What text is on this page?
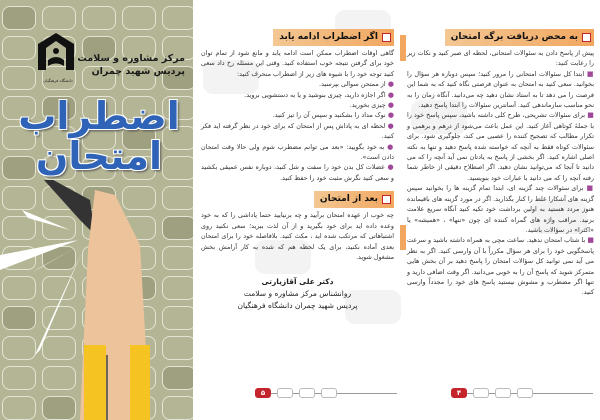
دانشگاه فرهنگیان
مرکز مشاوره و سلامت
پردیس شهید چمران
اضطراب
امتحان
اگر اضطراب ادامه یابد
گاهی اوقات اضطراب ممکن است ادامه یابد و مانع شود از تمام توان خود برای گرفتن نتیجه خوب استفاده کنید. وقتی این مسئله رخ داد سعی کنید توجه خود را با شیوه های زیر از اضطراب منحرف کنید:
● از ممتحن سوالی بپرسید.
● اگر اجازه دارید، چیزی بنوشید و یا به دستشویی بروید.
● چیزی بخورید.
● نوک مداد را بشکنید و سپس آن را تیز کنید.
● لحظه ای به پاداش پس از امتحان که برای خود در نظر گرفته اید فکر کنید.
● به خود بگویید: «بعد می توانم مضطرب شوم ولی حالا وقت امتحان دادن است».
● عضلات کل بدن خود را سفت و شل کنید، دوباره نفس عمیقی بکشید و سعی کنید نگرش مثبت خود را حفظ کنید.
بعد از امتحان
چه خوب از عهده امتحان برآیید و چه برنیایید حتما پاداشی را که به خود وعده داده اید برای خود بگیرید و از آن لذت ببرید؛ سعی نکنید روی اشتباهاتی که مرتکب شده اید ، مکث کنید. بلافاصله خود را برای امتحان بعدی آماده نکنید، برای یک لحظه هم که شده به کار آرامش بخش مشغول شوید.
دکتر علی آقازیارتی
روانشناس مرکز مشاوره و سلامت
پردیس شهید چمران دانشگاه فرهنگیان
۵
به محض دریافت برگه امتحان
پیش از پاسخ دادن به سئوالات امتحانی، لحظه ای صبر کنید و نکات زیر را رعایت کنید:
■ ابتدا کل سئوالات امتحانی را مرور کنید؛ سپس دوباره هر سؤال را بخوانید. سعی کنید به امتحان به عنوان فرصتی نگاه کنید که به شما این فرصت را می دهد تا به استاد نشان دهید چه می‌دانید. آنگاه زمان را به نحو مناسب سازماندهی کنید. آسانترین سئوالات را ابتدا پاسخ دهید.
■ برای سئوالات تشریحی، طرح کلی داشته باشید، سپس پاسخ خود را با جملهٔ کوتاهی آغاز کنید. این عمل باعث می‌شود از درهم و برهمی و تکرار مطالب که تصحیح کننده را عصبی می کند، جلوگیری شود. برای سئوالات کوتاه فقط به آنچه که خواسته شده پاسخ دهید و تنها به نکته اصلی اشاره کنید. اگر بخشی از پاسخ به یادتان نمی آید آنچه را که می دانید تا آنجا که می‌توانید نشان دهید. اگر اصطلاح دقیقی از خاطر شما رفته آنچه را که می دانید با عبارات خود بنویسید.
■ برای سئوالات چند گزینه ای، ابتدا تمام گزینه ها را بخوانید سپس گزینه های آشکارا غلط را کنار بگذارید. اگر در مورد گزینه های باقیمانده هنوز مردد هستید به اولین برداشت خود تکیه کنید آنگاه سریع علامت بزنید. مراقب واژه های گمراه کننده ای چون «تنها» ، «همیشه» یا «اکثرا» در سؤالات باشید.
■ با شتاب امتحان ندهید. ساعت مچی به همراه داشته باشید و سرعت پاسخگویی خود را برای هر سؤال مکرراً با آن وارسی کنید. اگر به نظر می آید نمی توانید کل سؤالات امتحان را پاسخ دهید بر آن بخش هایی متمرکز شوید که پاسخ آن را به خوبی می‌دانید. اگر وقت اضافی دارید و تنها اگر مضطرب و مشوش نیستید پاسخ های خود را مجدداً وارسی کنید.
۴
